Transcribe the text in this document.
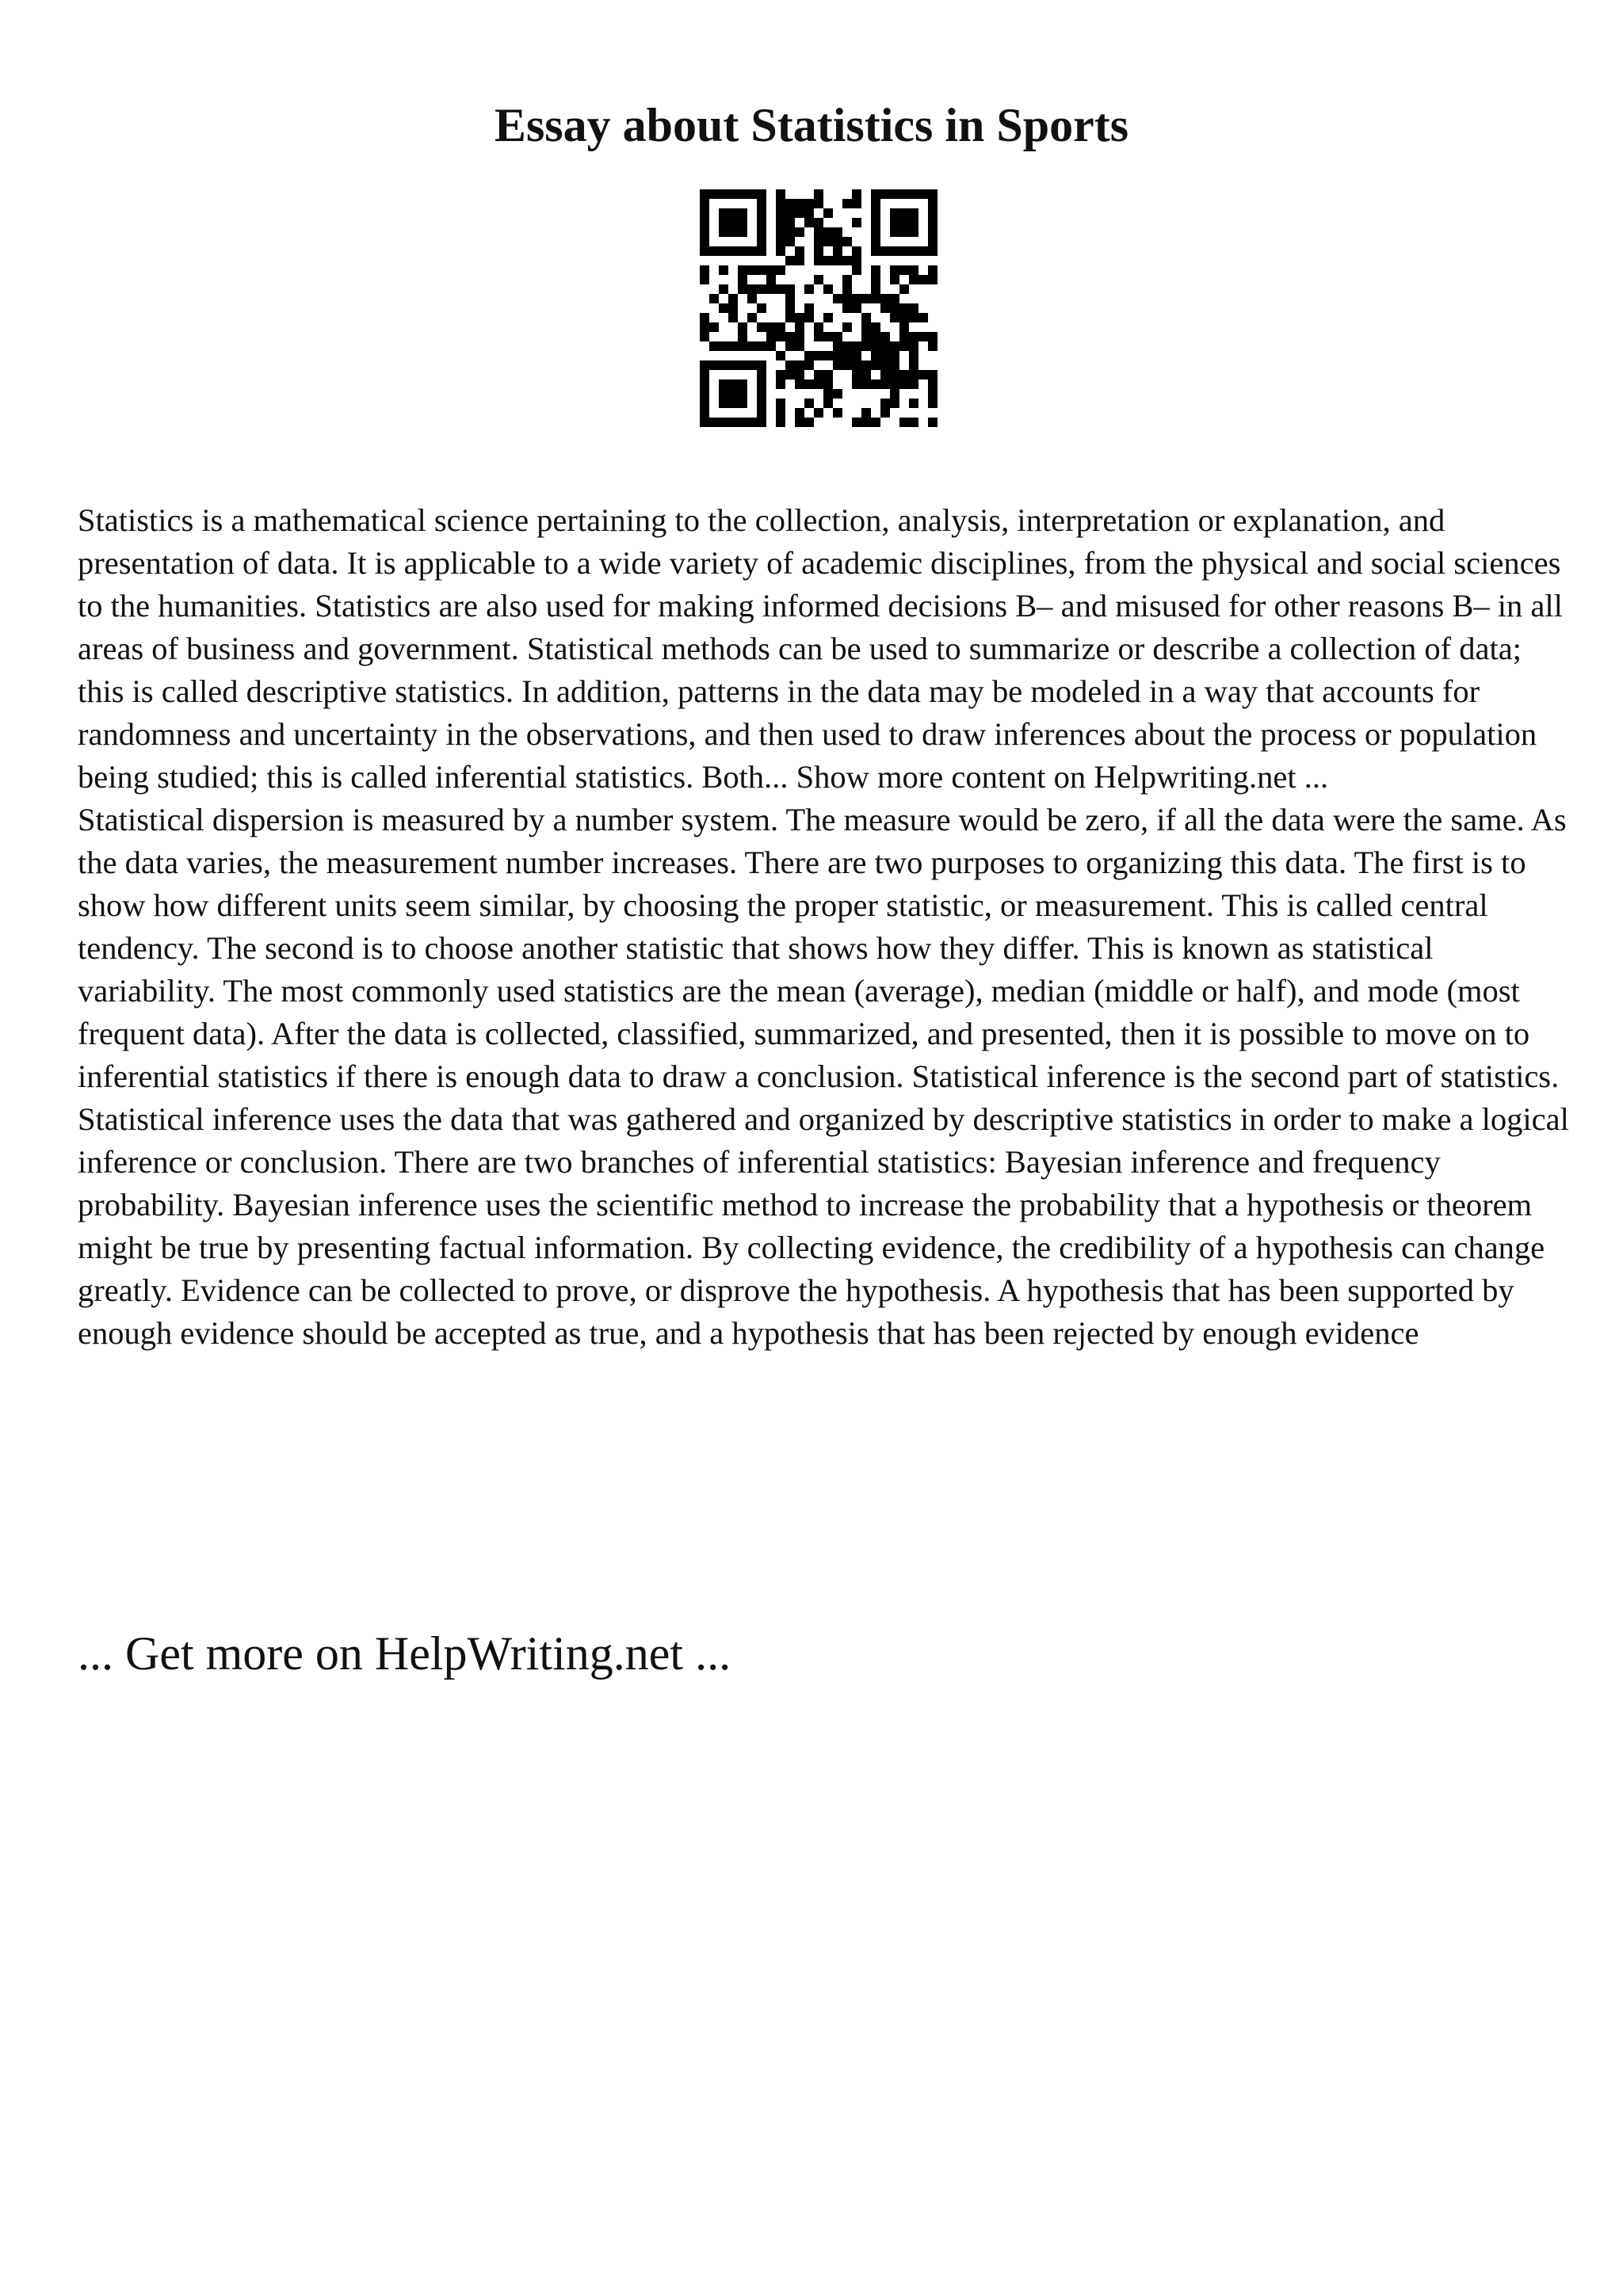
Essay about Statistics in Sports

Statistics is a mathematical science pertaining to the collection, analysis, interpretation or explanation, and presentation of data. It is applicable to a wide variety of academic disciplines, from the physical and social sciences to the humanities. Statistics are also used for making informed decisions B– and misused for other reasons B– in all areas of business and government. Statistical methods can be used to summarize or describe a collection of data; this is called descriptive statistics. In addition, patterns in the data may be modeled in a way that accounts for randomness and uncertainty in the observations, and then used to draw inferences about the process or population being studied; this is called inferential statistics. Both... Show more content on Helpwriting.net ...

Statistical dispersion is measured by a number system. The measure would be zero, if all the data were the same. As the data varies, the measurement number increases. There are two purposes to organizing this data. The first is to show how different units seem similar, by choosing the proper statistic, or measurement. This is called central tendency. The second is to choose another statistic that shows how they differ. This is known as statistical variability. The most commonly used statistics are the mean (average), median (middle or half), and mode (most frequent data). After the data is collected, classified, summarized, and presented, then it is possible to move on to inferential statistics if there is enough data to draw a conclusion. Statistical inference is the second part of statistics. Statistical inference uses the data that was gathered and organized by descriptive statistics in order to make a logical inference or conclusion. There are two branches of inferential statistics: Bayesian inference and frequency probability. Bayesian inference uses the scientific method to increase the probability that a hypothesis or theorem might be true by presenting factual information. By collecting evidence, the credibility of a hypothesis can change greatly. Evidence can be collected to prove, or disprove the hypothesis. A hypothesis that has been supported by enough evidence should be accepted as true, and a hypothesis that has been rejected by enough evidence

... Get more on HelpWriting.net ...
